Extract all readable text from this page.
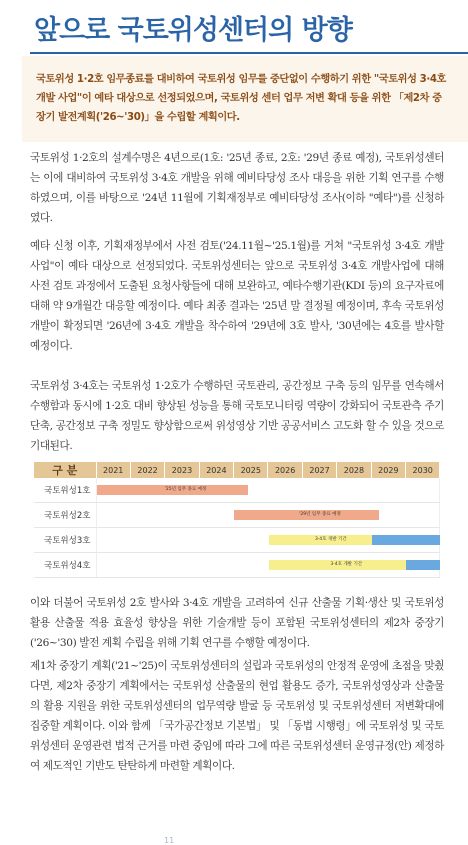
앞으로 국토위성센터의 방향
국토위성 1·2호 임무종료를 대비하여 국토위성 임무를 중단없이 수행하기 위한 "국토위성 3·4호 개발 사업"이 예타 대상으로 선정되었으며, 국토위성 센터 업무 저변 확대 등을 위한 「제2차 중장기 발전계획('26~'30)」을 수립할 계획이다.
국토위성 1·2호의 설계수명은 4년으로(1호: '25년 종료, 2호: '29년 종료 예정), 국토위성센터는 이에 대비하여 국토위성 3·4호 개발을 위해 예비타당성 조사 대응을 위한 기획 연구를 수행하였으며, 이를 바탕으로 '24년 11월에 기획재정부로 예비타당성 조사(이하 "예타")를 신청하였다.
예타 신청 이후, 기획재정부에서 사전 검토('24.11월~'25.1월)를 거쳐 "국토위성 3·4호 개발사업"이 예타 대상으로 선정되었다. 국토위성센터는 앞으로 국토위성 3·4호 개발사업에 대해 사전 검토 과정에서 도출된 요청사항들에 대해 보완하고, 예타수행기관(KDI 등)의 요구자료에 대해 약 9개월간 대응할 예정이다. 예타 최종 결과는 '25년 말 결정될 예정이며, 후속 국토위성 개발이 확정되면 '26년에 3·4호 개발을 착수하여 '29년에 3호 발사, '30년에는 4호를 발사할 예정이다.
국토위성 3·4호는 국토위성 1·2호가 수행하던 국토관리, 공간정보 구축 등의 임무를 연속해서 수행함과 동시에 1·2호 대비 향상된 성능을 통해 국토모니터링 역량이 강화되어 국토관측 주기 단축, 공간정보 구축 정밀도 향상함으로써 위성영상 기반 공공서비스 고도화 할 수 있을 것으로 기대된다.
구 분	2021	2022	2023	2024	2025	2026	2027	2028	2029	2030
국토위성1호	'25년 임무 종료 예정									

국토위성2호	'29년 임무 종료 예정									

국토위성3호	3·4호 개발 기간									

국토위성4호	3·4호 개발 기간									
이와 더불어 국토위성 2호 발사와 3·4호 개발을 고려하여 신규 산출물 기획·생산 및 국토위성 활용 산출물 적용 효율성 향상을 위한 기술개발 등이 포함된 국토위성센터의 제2차 중장기('26~'30) 발전 계획 수립을 위해 기획 연구를 수행할 예정이다.
제1차 중장기 계획('21~'25)이 국토위성센터의 설립과 국토위성의 안정적 운영에 초점을 맞췄다면, 제2차 중장기 계획에서는 국토위성 산출물의 현업 활용도 증가, 국토위성영상과 산출물의 활용 지원을 위한 국토위성센터의 업무역량 발굴 등 국토위성 및 국토위성센터 저변확대에 집중할 계획이다. 이와 함께 「국가공간정보 기본법」 및 「동법 시행령」에 국토위성 및 국토위성센터 운영관련 법적 근거를 마련 중임에 따라 그에 따른 국토위성센터 운영규정(안) 제정하여 제도적인 기반도 탄탄하게 마련할 계획이다.
11
